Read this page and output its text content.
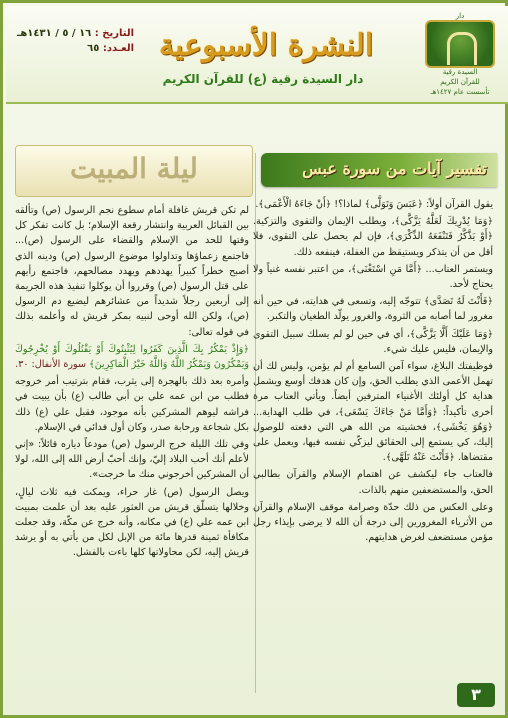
دار
السيدة رقية
للقرآن الكريم
تأسست عام ١٤٢٧هـ
النشرة الأسبوعية
دار السيدة رقية (ع) للقرآن الكريم
التاريخ : ١٦ / ٥ / ١٤٣١هـ
العـدد: ٦٥
تفسير آيات من سورة عبس
ليلة المبيت

يقول القرآن أولاً: ﴿عَبَسَ وَتَوَلَّى﴾ لماذا؟! ﴿أَنْ جَاءَهُ الْأَعْمَى﴾.

﴿وَمَا يُدْرِيكَ لَعَلَّهُ يَزَّكَّى﴾، ويطلب الإيمان والتقوى والتزكية. ﴿أَوْ يَذَّكَّرُ فَتَنْفَعَهُ الذِّكْرَى﴾، فإن لم يحصل على التقوى، فلا أقل من أن يتذكر ويستيقظ من الغفلة، فينفعه ذلك.

ويستمر العتاب... ﴿أَمَّا مَنِ اسْتَغْنَى﴾، من اعتبر نفسه غنياً ولا يحتاج لأحد.

﴿فَأَنْتَ لَهُ تَصَدَّى﴾ تتوجّه إليه، وتسعى في هدايته، في حين أنه مغرور لما أصابه من الثروة، والغرور يولّد الطغيان والتكبر.

﴿وَمَا عَلَيْكَ أَلَّا يَزَّكَّى﴾، أي في حين لو لم يسلك سبيل التقوى والإيمان، فليس عليك شيء.

فوظيفتك البلاغ، سواء آمن السامع أم لم يؤمن، وليس لك أن تهمل الأعمى الذي يطلب الحق، وإن كان هدفك أوسع ويشمل هداية كل أولئك الأغنياء المترفين أيضاً. ويأتي العتاب مرة أخرى تأكيداً: ﴿وَأَمَّا مَنْ جَاءَكَ يَسْعَى﴾، في طلب الهداية... ﴿وَهُوَ يَخْشَى﴾، فخشيته من الله هي التي دفعته للوصول إليك، كي يستمع إلى الحقائق ليزكّي نفسه فيها، ويعمل على مقتضاها. ﴿فَأَنْتَ عَنْهُ تَلَهَّى﴾.

فالعتاب جاء ليكشف عن اهتمام الإسلام والقرآن بطالبي الحق، والمستضعفين منهم بالذات.

وعلى العكس من ذلك حدّة وصرامة موقف الإسلام والقرآن من الأثرياء المغرورين إلى درجة أن الله لا يرضى بإيذاء رجل مؤمن مستضعف لغرض هدايتهم.

لم تكن قريش غافلة أمام سطوع نجم الرسول (ص) وتألقه بين القبائل العربية وانتشار رقعة الإسلام؛ بل كانت تفكر كل وقتها للحد من الإسلام والقضاء على الرسول (ص)... فاجتمع زعماؤها وتداولوا موضوع الرسول (ص) ودينه الذي أصبح خطراً كبيراً يهددهم ويهدد مصالحهم، فاجتمع رأيهم على قتل الرسول (ص) وقرروا أن يوكلوا تنفيذ هذه الجريمة إلى أربعين رجلاً شديداً من عشائرهم ليضيع دم الرسول (ص)، ولكن الله أوحى لنبيه بمكر قريش له وأعلمه بذلك في قوله تعالى:

﴿وَإِذْ يَمْكُرُ بِكَ الَّذِينَ كَفَرُوا لِيُثْبِتُوكَ أَوْ يَقْتُلُوكَ أَوْ يُخْرِجُوكَ وَيَمْكُرُونَ وَيَمْكُرُ اللَّهُ وَاللَّهُ خَيْرُ الْمَاكِرِينَ﴾ سورة الأنفال: ٣٠.

وأمره بعد ذلك بالهجرة إلى يثرب، فقام بترتيب أمر خروجه فطلب من ابن عمه علي بن أبي طالب (ع) بأن يبيت في فراشه ليوهم المشركين بأنه موجود، فقبل علي (ع) ذلك بكل شجاعة ورحابة صدر، وكان أول فدائي في الإسلام.

وفي تلك الليلة خرج الرسول (ص) مودعاً دياره قائلاً: «إني لأعلم أنك أحب البلاد إليّ، وإنك أحبّ أرض الله إلى الله، لولا أن المشركين أخرجوني منك ما خرجت».

ويصل الرسول (ص) غار حراء، ويمكث فيه ثلاث ليالٍ، وخلالها يتسلّق قريش من العثور عليه بعد أن علمت بمبيت ابن عمه علي (ع) في مكانه، وأنه خرج عن مكّة، وقد جعلت مكافأة ثمينة قدرها مائة من الإبل لكل من يأتي به أو يرشد قريش إليه، لكن محاولاتها كلها باءت بالفشل.

٣
